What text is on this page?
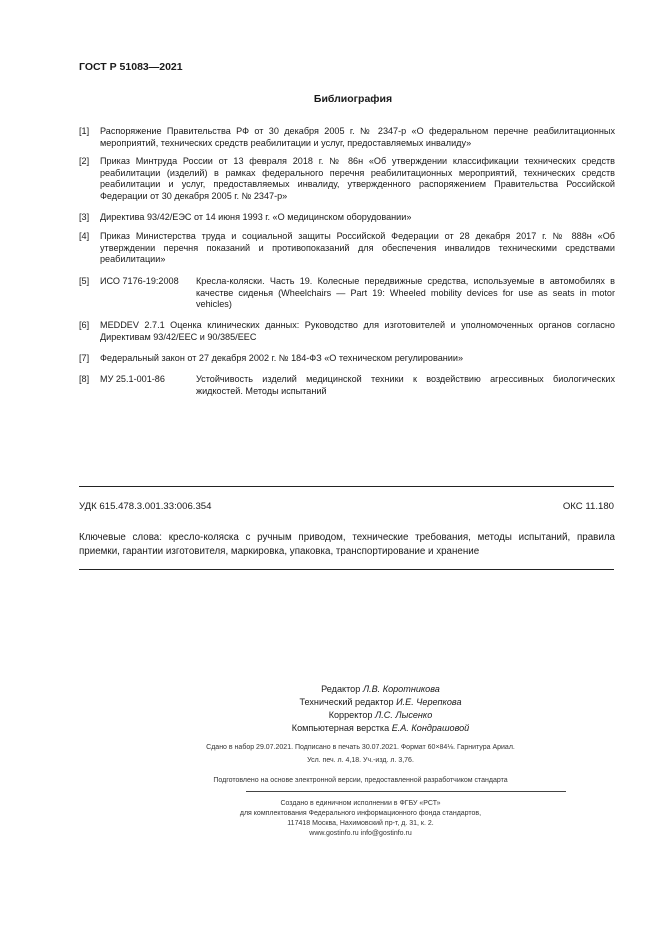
ГОСТ Р 51083—2021
Библиография
[1] Распоряжение Правительства РФ от 30 декабря 2005 г. № 2347-р «О федеральном перечне реабилитационных мероприятий, технических средств реабилитации и услуг, предоставляемых инвалиду»
[2] Приказ Минтруда России от 13 февраля 2018 г. № 86н «Об утверждении классификации технических средств реабилитации (изделий) в рамках федерального перечня реабилитационных мероприятий, технических средств реабилитации и услуг, предоставляемых инвалиду, утвержденного распоряжением Правительства Российской Федерации от 30 декабря 2005 г. № 2347-р»
[3] Директива 93/42/ЕЭС от 14 июня 1993 г. «О медицинском оборудовании»
[4] Приказ Министерства труда и социальной защиты Российской Федерации от 28 декабря 2017 г. № 888н «Об утверждении перечня показаний и противопоказаний для обеспечения инвалидов техническими средствами реабилитации»
[5] ИСО 7176-19:2008 Кресла-коляски. Часть 19. Колесные передвижные средства, используемые в автомобилях в качестве сиденья (Wheelchairs — Part 19: Wheeled mobility devices for use as seats in motor vehicles)
[6] MEDDEV 2.7.1 Оценка клинических данных: Руководство для изготовителей и уполномоченных органов согласно Директивам 93/42/ЕЕС и 90/385/ЕЕС
[7] Федеральный закон от 27 декабря 2002 г. № 184-ФЗ «О техническом регулировании»
[8] МУ 25.1-001-86	Устойчивость изделий медицинской техники к воздействию агрессивных биологических жидкостей. Методы испытаний
УДК 615.478.3.001.33:006.354	ОКС 11.180
Ключевые слова: кресло-коляска с ручным приводом, технические требования, методы испытаний, правила приемки, гарантии изготовителя, маркировка, упаковка, транспортирование и хранение
Редактор Л.В. Коротникова
Технический редактор И.Е. Черепкова
Корректор Л.С. Лысенко
Компьютерная верстка Е.А. Кондрашовой
Сдано в набор 29.07.2021. Подписано в печать 30.07.2021. Формат 60×84⅛. Гарнитура Ариал.
Усл. печ. л. 4,18. Уч.-изд. л. 3,76.
Подготовлено на основе электронной версии, предоставленной разработчиком стандарта
Создано в единичном исполнении в ФГБУ «РСТ»
для комплектования Федерального информационного фонда стандартов,
117418 Москва, Нахимовский пр-т, д. 31, к. 2.
www.gostinfo.ru info@gostinfo.ru
